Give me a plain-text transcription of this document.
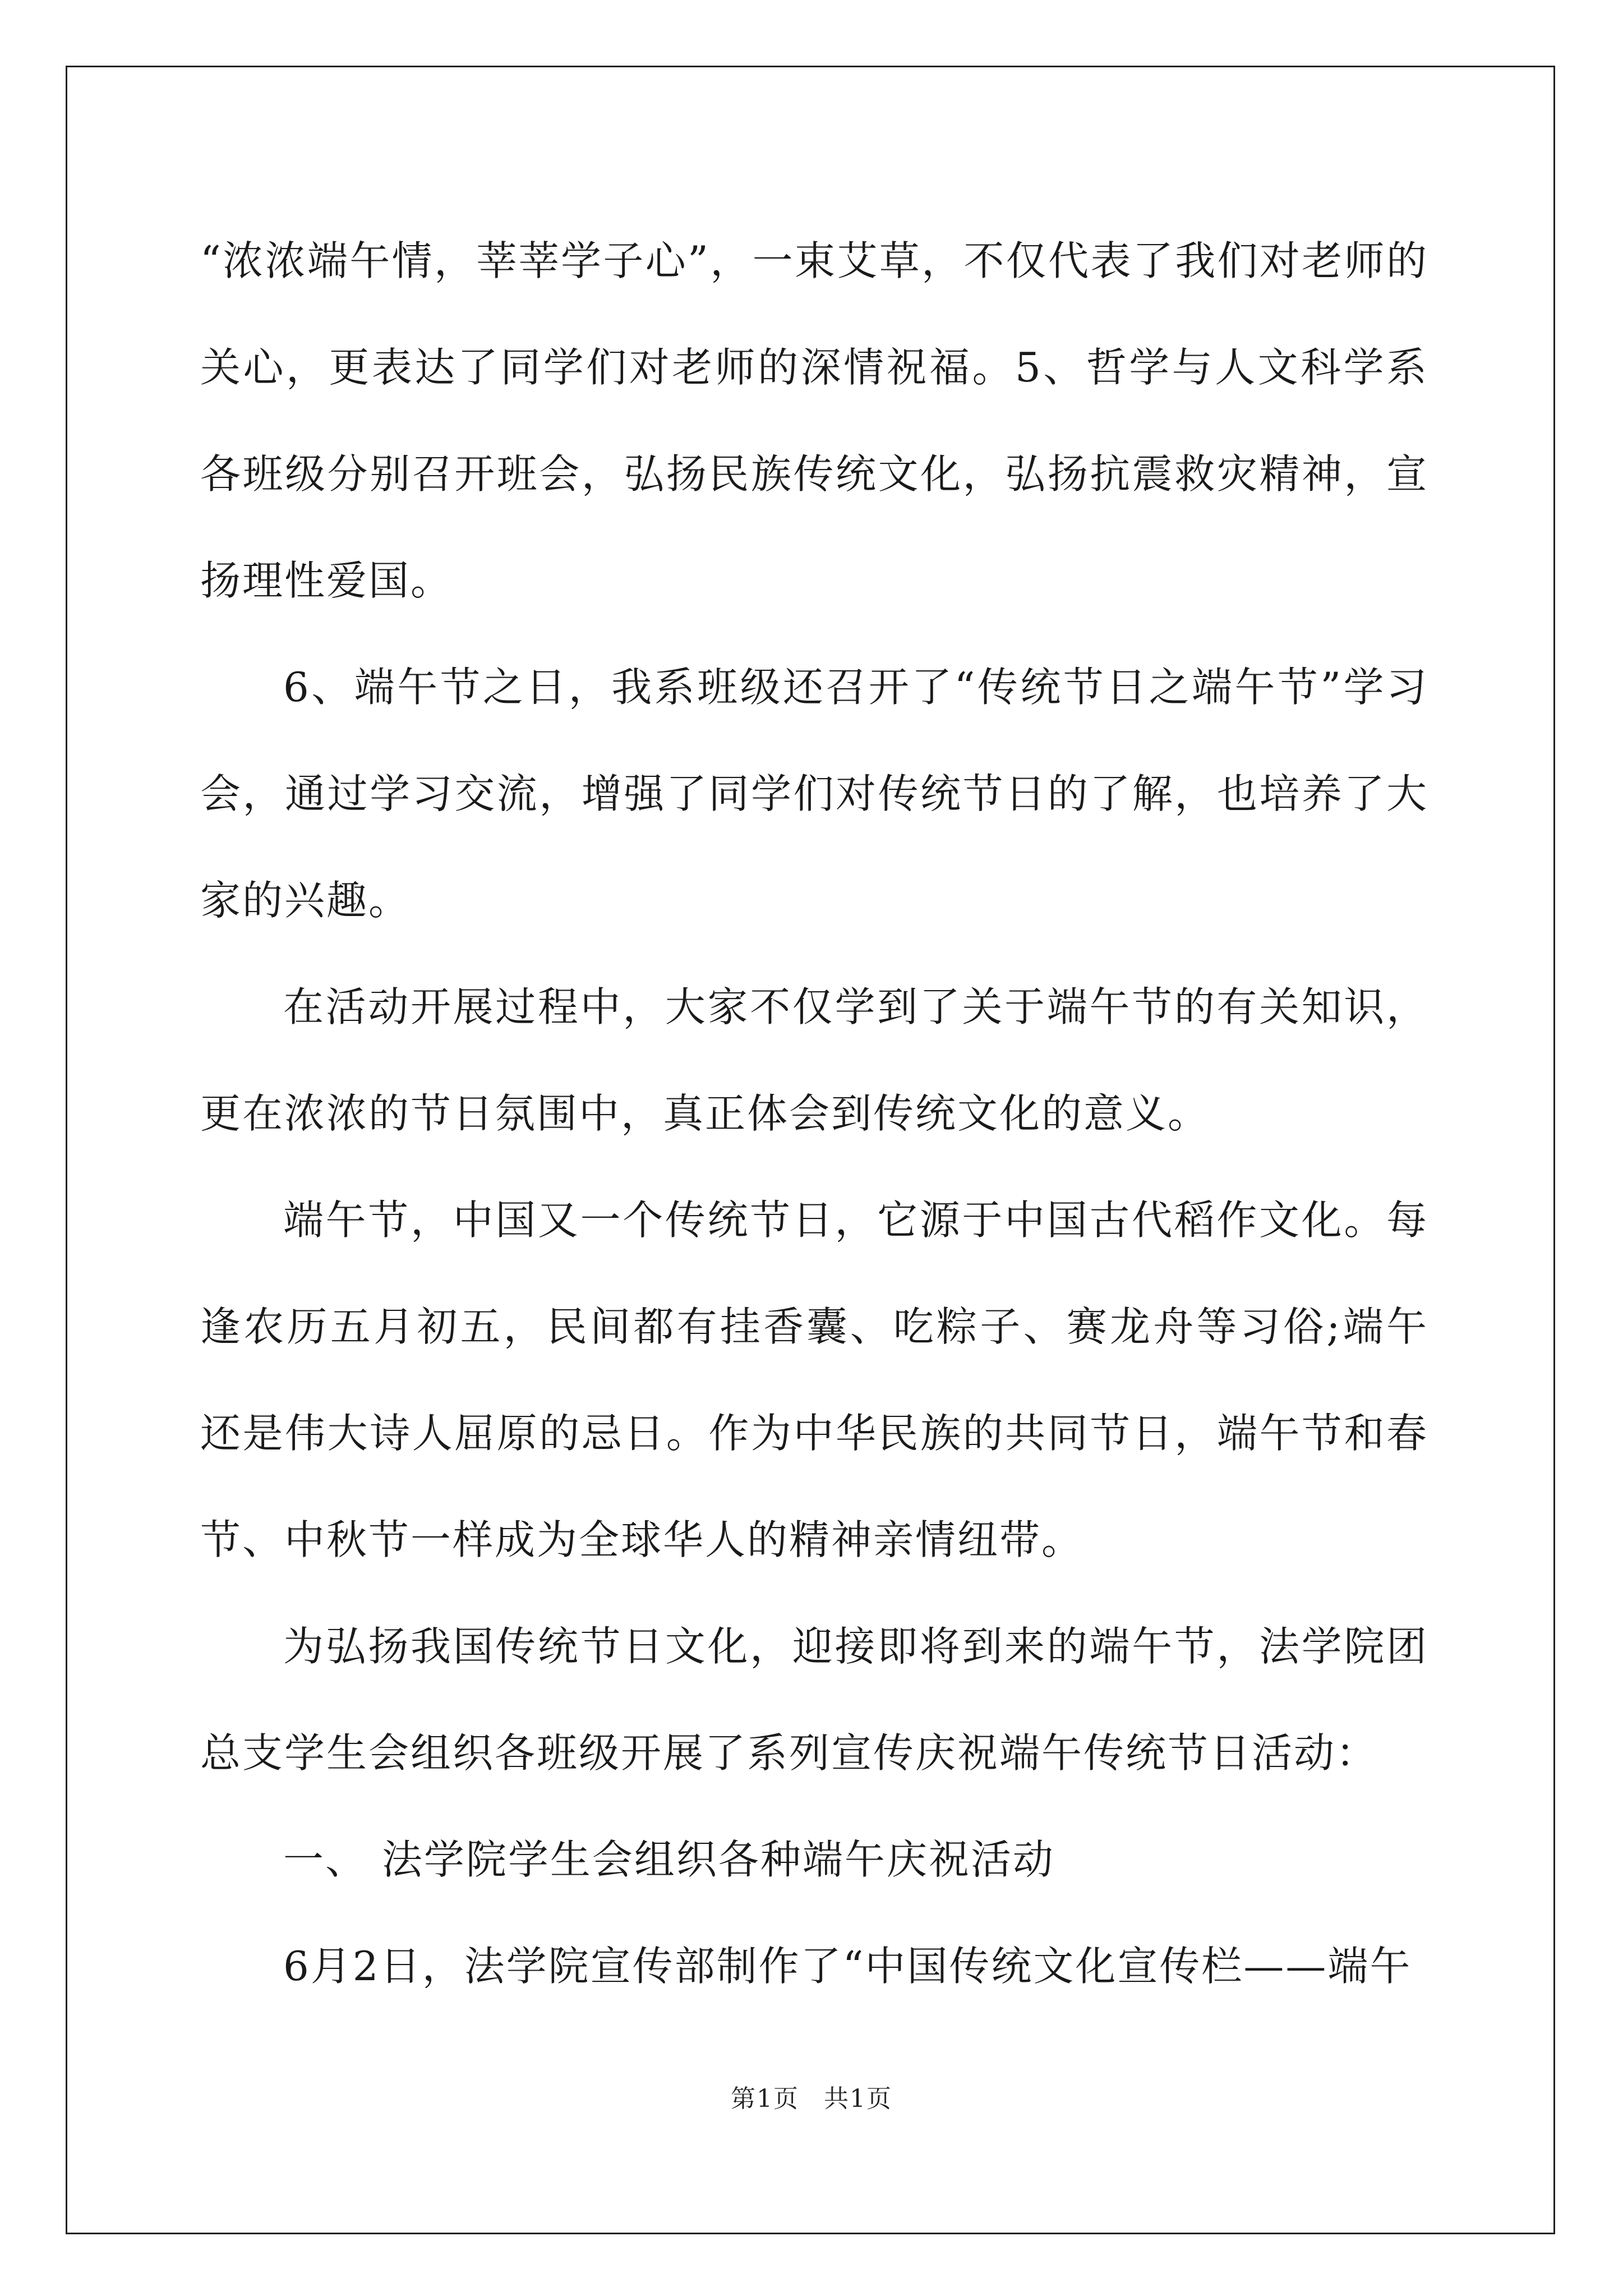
“浓浓端午情，莘莘学子心”，一束艾草，不仅代表了我们对老师的关心，更表达了同学们对老师的深情祝福。5、哲学与人文科学系各班级分别召开班会，弘扬民族传统文化，弘扬抗震救灾精神，宣扬理性爱国。

6、端午节之日，我系班级还召开了“传统节日之端午节”学习会，通过学习交流，增强了同学们对传统节日的了解，也培养了大家的兴趣。

在活动开展过程中，大家不仅学到了关于端午节的有关知识，更在浓浓的节日氛围中，真正体会到传统文化的意义。

端午节，中国又一个传统节日，它源于中国古代稻作文化。每逢农历五月初五，民间都有挂香囊、吃粽子、赛龙舟等习俗;端午还是伟大诗人屈原的忌日。作为中华民族的共同节日，端午节和春节、中秋节一样成为全球华人的精神亲情纽带。

为弘扬我国传统节日文化，迎接即将到来的端午节，法学院团总支学生会组织各班级开展了系列宣传庆祝端午传统节日活动：

一、 法学院学生会组织各种端午庆祝活动

6月2日，法学院宣传部制作了“中国传统文化宣传栏——端午

第1页 共1页
